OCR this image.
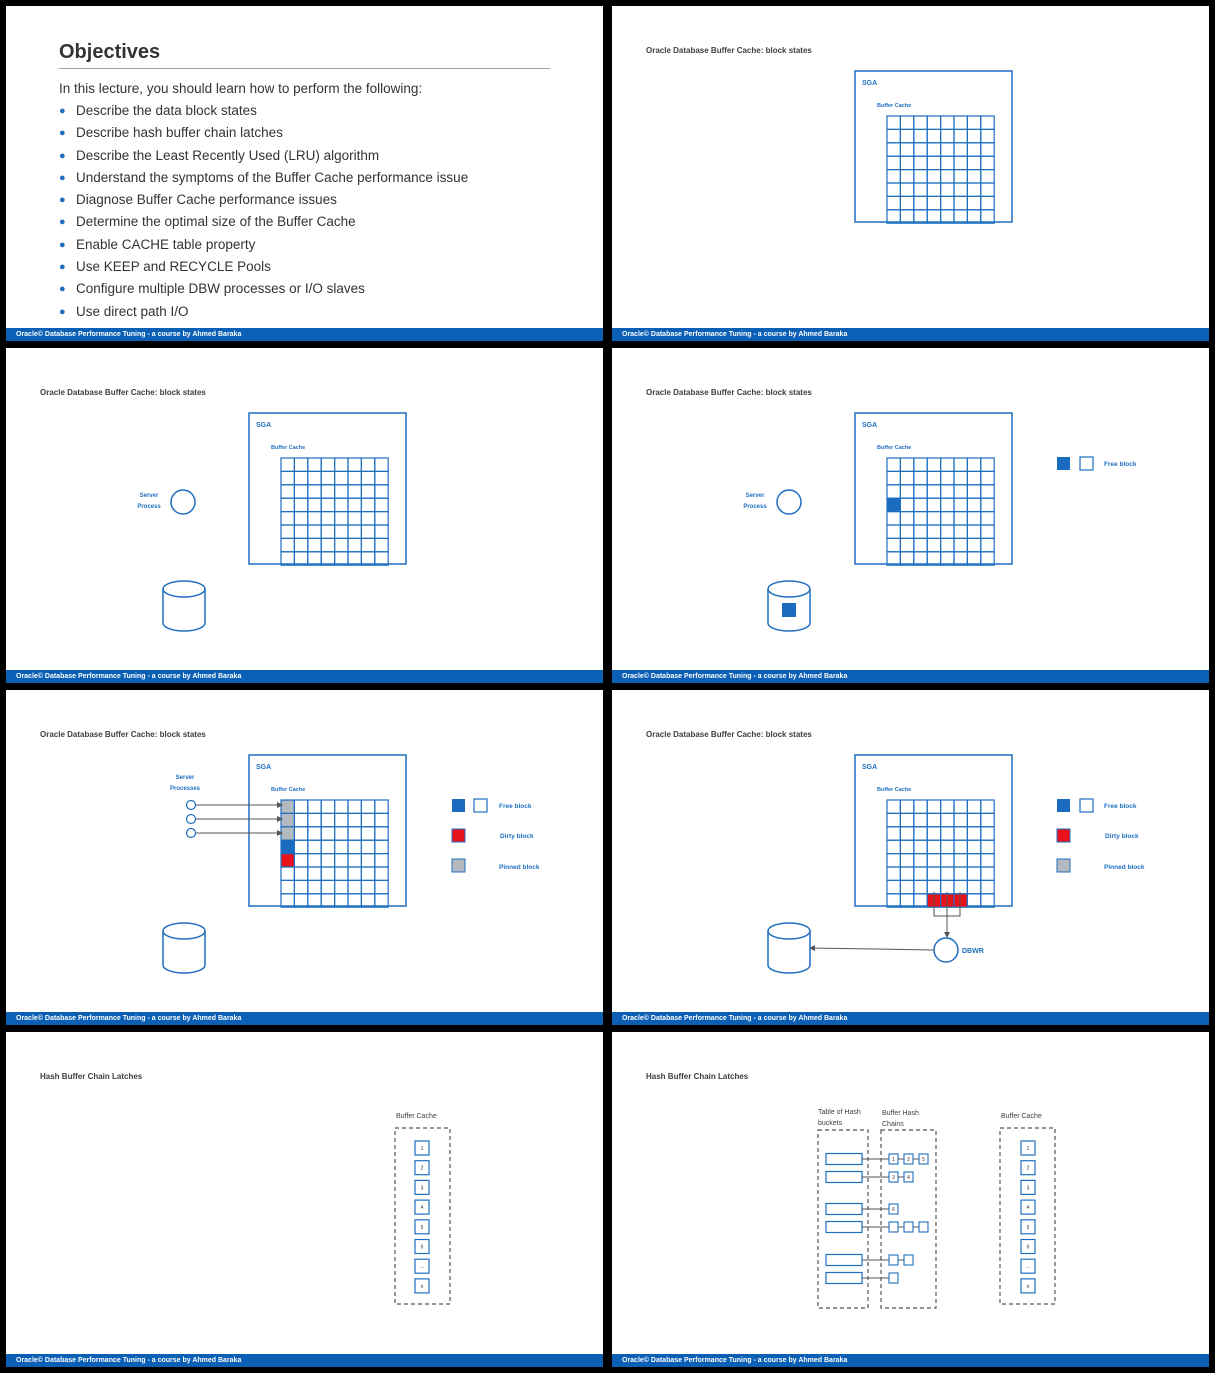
Objectives
In this lecture, you should learn how to perform the following:
● Describe the data block states
● Describe hash buffer chain latches
● Describe the Least Recently Used (LRU) algorithm
● Understand the symptoms of the Buffer Cache performance issue
● Diagnose Buffer Cache performance issues
● Determine the optimal size of the Buffer Cache
● Enable CACHE table property
● Use KEEP and RECYCLE Pools
● Configure multiple DBW processes or I/O slaves
● Use direct path I/O
Oracle© Database Performance Tuning - a course by Ahmed Baraka
Oracle Database Buffer Cache: block states
SGA
Buffer Cache
Oracle© Database Performance Tuning - a course by Ahmed Baraka
Oracle Database Buffer Cache: block states
SGA
Buffer Cache
Server
Process
Oracle© Database Performance Tuning - a course by Ahmed Baraka
Oracle Database Buffer Cache: block states
SGA
Buffer Cache
Server
Process
Free block
Oracle© Database Performance Tuning - a course by Ahmed Baraka
Oracle Database Buffer Cache: block states
SGA
Buffer Cache
Server
Processes
Free block
Dirty block
Pinned block
Oracle© Database Performance Tuning - a course by Ahmed Baraka
Oracle Database Buffer Cache: block states
SGA
Buffer Cache
DBWR
Free block
Dirty block
Pinned block
Oracle© Database Performance Tuning - a course by Ahmed Baraka
Hash Buffer Chain Latches
Buffer Cache
1
2
3
4
5
6
...
n
Oracle© Database Performance Tuning - a course by Ahmed Baraka
Hash Buffer Chain Latches
Table of Hash
buckets
Buffer Hash
Chains
1 2 5
3 4
6
Buffer Cache
1
2
3
4
5
6
...
n
Oracle© Database Performance Tuning - a course by Ahmed Baraka
